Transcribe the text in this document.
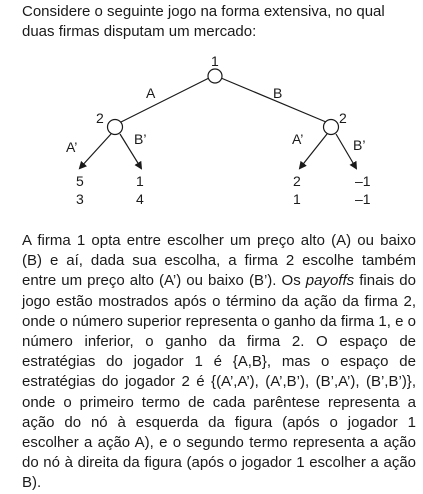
Considere o seguinte jogo na forma extensiva, no qual duas firmas disputam um mercado:

1
2	2
A	B
A’	B’	A’	B’
5
3
1
4
2
1
–1
–1

A firma 1 opta entre escolher um preço alto (A) ou baixo (B) e aí, dada sua escolha, a firma 2 escolhe também entre um preço alto (A’) ou baixo (B’). Os payoffs finais do jogo estão mostrados após o término da ação da firma 2, onde o número superior representa o ganho da firma 1, e o número inferior, o ganho da firma 2. O espaço de estratégias do jogador 1 é {A,B}, mas o espaço de estratégias do jogador 2 é {(A’,A’), (A’,B’), (B’,A’), (B’,B’)}, onde o primeiro termo de cada parêntese representa a ação do nó à esquerda da figura (após o jogador 1 escolher a ação A), e o segundo termo representa a ação do nó à direita da figura (após o jogador 1 escolher a ação B).
